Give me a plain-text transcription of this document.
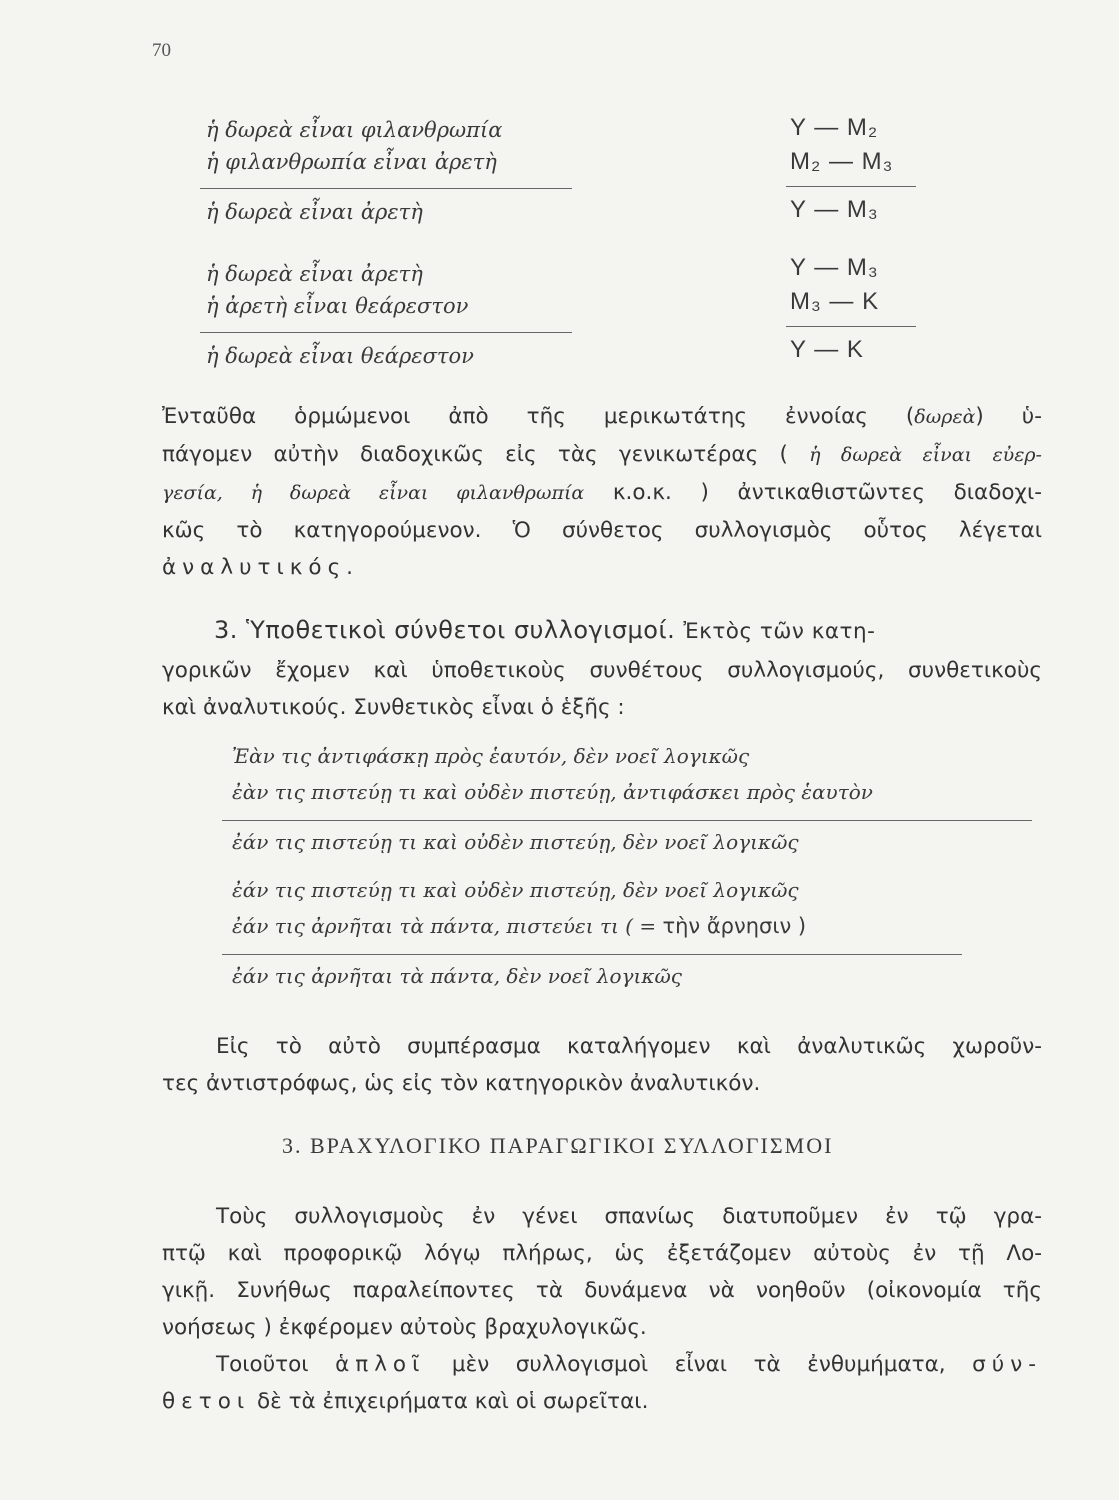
70
ἡ δωρεὰ εἶναι φιλανθρωπία
ἡ φιλανθρωπία εἶναι ἀρετὴ
ἡ δωρεὰ εἶναι ἀρετὴ
Y — M₂
M₂ — M₃
Y — M₃
ἡ δωρεὰ εἶναι ἀρετὴ
ἡ ἀρετὴ εἶναι θεάρεστον
ἡ δωρεὰ εἶναι θεάρεστον
Y — M₃
M₃ — K
Y — K
Ἐνταῦθα ὁρμώμενοι ἀπὸ τῆς μερικωτάτης ἐννοίας (δωρεὰ) ὑ-
πάγομεν αὐτὴν διαδοχικῶς εἰς τὰς γενικωτέρας ( ἡ δωρεὰ εἶναι εὐερ-
γεσία, ἡ δωρεὰ εἶναι φιλανθρωπία κ.ο.κ. ) ἀντικαθιστῶντες διαδοχι-
κῶς τὸ κατηγορούμενον. Ὁ σύνθετος συλλογισμὸς οὗτος λέγεται
ἀναλυτικός.
3. Ὑποθετικοὶ σύνθετοι συλλογισμοί. Ἐκτὸς τῶν κατη-
γορικῶν ἔχομεν καὶ ὑποθετικοὺς συνθέτους συλλογισμούς, συνθετικοὺς
καὶ ἀναλυτικούς. Συνθετικὸς εἶναι ὁ ἑξῆς :
Ἐὰν τις ἀντιφάσκῃ πρὸς ἑαυτόν, δὲν νοεῖ λογικῶς
ἐὰν τις πιστεύῃ τι καὶ οὐδὲν πιστεύῃ, ἀντιφάσκει πρὸς ἑαυτὸν
ἐάν τις πιστεύῃ τι καὶ οὐδὲν πιστεύῃ, δὲν νοεῖ λογικῶς
ἐάν τις πιστεύῃ τι καὶ οὐδὲν πιστεύῃ, δὲν νοεῖ λογικῶς
ἐάν τις ἀρνῆται τὰ πάντα, πιστεύει τι ( = τὴν ἄρνησιν )
ἐάν τις ἀρνῆται τὰ πάντα, δὲν νοεῖ λογικῶς
Εἰς τὸ αὐτὸ συμπέρασμα καταλήγομεν καὶ ἀναλυτικῶς χωροῦν-
τες ἀντιστρόφως, ὡς εἰς τὸν κατηγορικὸν ἀναλυτικόν.
3. ΒΡΑΧΥΛΟΓΙΚΟ ΠΑΡΑΓΩΓΙΚΟΙ ΣΥΛΛΟΓΙΣΜΟΙ
Τοὺς συλλογισμοὺς ἐν γένει σπανίως διατυποῦμεν ἐν τῷ γρα-
πτῷ καὶ προφορικῷ λόγῳ πλήρως, ὡς ἐξετάζομεν αὐτοὺς ἐν τῇ Λο-
γικῇ. Συνήθως παραλείποντες τὰ δυνάμενα νὰ νοηθοῦν (οἰκονομία τῆς
νοήσεως ) ἐκφέρομεν αὐτοὺς βραχυλογικῶς.
Τοιοῦτοι ἁπλοῖ μὲν συλλογισμοὶ εἶναι τὰ ἐνθυμήματα, σύν-
θετοι δὲ τὰ ἐπιχειρήματα καὶ οἱ σωρεῖται.
